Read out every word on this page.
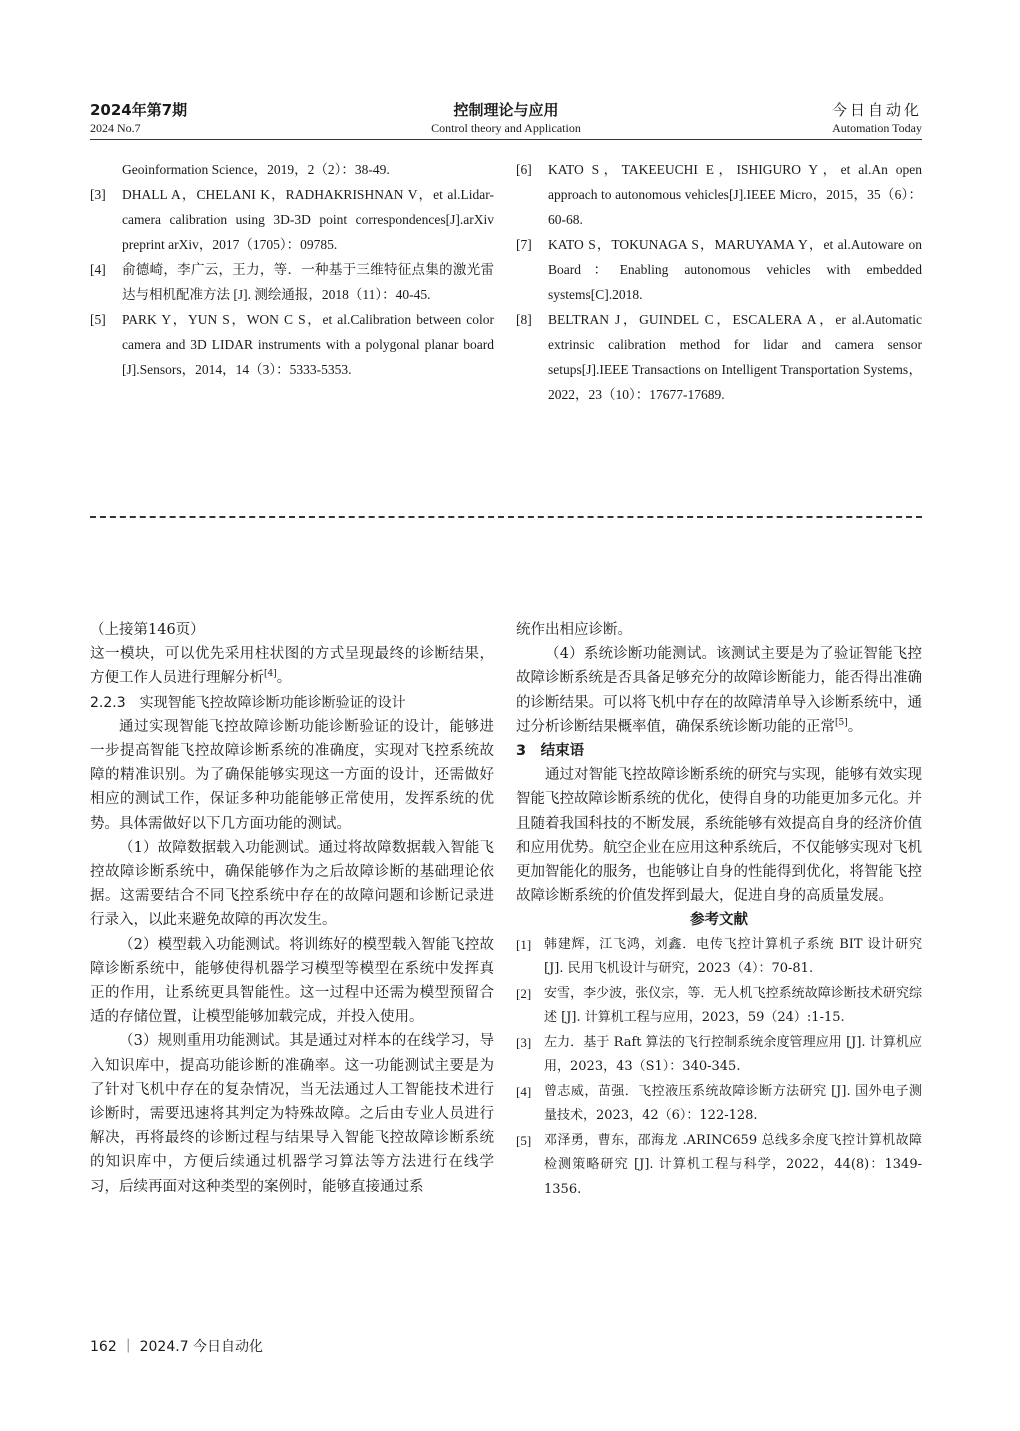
2024年第7期
2024 No.7
控制理论与应用
Control theory and Application
今日自动化
Automation Today
Geoinformation Science，2019，2（2）：38-49.
[3]	DHALL A，CHELANI K，RADHAKRISHNAN V，et al.Lidar-camera calibration using 3D-3D point correspondences[J].arXiv preprint arXiv，2017（1705）：09785.
[4]	俞德崎，李广云，王力，等．一种基于三维特征点集的激光雷达与相机配准方法 [J]. 测绘通报，2018（11）：40-45.
[5]	PARK Y，YUN S，WON C S，et al.Calibration between color camera and 3D LIDAR instruments with a polygonal planar board [J].Sensors，2014，14（3）：5333-5353.
[6]	KATO S，TAKEEUCHI E，ISHIGURO Y，et al.An open approach to autonomous vehicles[J].IEEE Micro，2015，35（6）：60-68.
[7]	KATO S，TOKUNAGA S，MARUYAMA Y，et al.Autoware on Board：Enabling autonomous vehicles with embedded systems[C].2018.
[8]	BELTRAN J，GUINDEL C，ESCALERA A，er al.Automatic extrinsic calibration method for lidar and camera sensor setups[J].IEEE Transactions on Intelligent Transportation Systems，2022，23（10）：17677-17689.

（上接第146页）

这一模块，可以优先采用柱状图的方式呈现最终的诊断结果，方便工作人员进行理解分析[4]。

2.2.3　实现智能飞控故障诊断功能诊断验证的设计

通过实现智能飞控故障诊断功能诊断验证的设计，能够进一步提高智能飞控故障诊断系统的准确度，实现对飞控系统故障的精准识别。为了确保能够实现这一方面的设计，还需做好相应的测试工作，保证多种功能能够正常使用，发挥系统的优势。具体需做好以下几方面功能的测试。

（1）故障数据载入功能测试。通过将故障数据载入智能飞控故障诊断系统中，确保能够作为之后故障诊断的基础理论依据。这需要结合不同飞控系统中存在的故障问题和诊断记录进行录入，以此来避免故障的再次发生。

（2）模型载入功能测试。将训练好的模型载入智能飞控故障诊断系统中，能够使得机器学习模型等模型在系统中发挥真正的作用，让系统更具智能性。这一过程中还需为模型预留合适的存储位置，让模型能够加载完成，并投入使用。

（3）规则重用功能测试。其是通过对样本的在线学习，导入知识库中，提高功能诊断的准确率。这一功能测试主要是为了针对飞机中存在的复杂情况，当无法通过人工智能技术进行诊断时，需要迅速将其判定为特殊故障。之后由专业人员进行解决，再将最终的诊断过程与结果导入智能飞控故障诊断系统的知识库中，方便后续通过机器学习算法等方法进行在线学习，后续再面对这种类型的案例时，能够直接通过系

统作出相应诊断。

（4）系统诊断功能测试。该测试主要是为了验证智能飞控故障诊断系统是否具备足够充分的故障诊断能力，能否得出准确的诊断结果。可以将飞机中存在的故障清单导入诊断系统中，通过分析诊断结果概率值，确保系统诊断功能的正常[5]。

3　结束语

通过对智能飞控故障诊断系统的研究与实现，能够有效实现智能飞控故障诊断系统的优化，使得自身的功能更加多元化。并且随着我国科技的不断发展，系统能够有效提高自身的经济价值和应用优势。航空企业在应用这种系统后，不仅能够实现对飞机更加智能化的服务，也能够让自身的性能得到优化，将智能飞控故障诊断系统的价值发挥到最大，促进自身的高质量发展。

参考文献

[1] 韩建辉，江飞鸿，刘鑫．电传飞控计算机子系统 BIT 设计研究 [J]. 民用飞机设计与研究，2023（4）：70-81.
[2] 安雪，李少波，张仪宗，等．无人机飞控系统故障诊断技术研究综述 [J]. 计算机工程与应用，2023，59（24）:1-15.
[3] 左力．基于 Raft 算法的飞行控制系统余度管理应用 [J]. 计算机应用，2023，43（S1）：340-345.
[4] 曾志威，苗强．飞控液压系统故障诊断方法研究 [J]. 国外电子测量技术，2023，42（6）：122-128.
[5] 邓泽勇，曹东，邵海龙 .ARINC659 总线多余度飞控计算机故障检测策略研究 [J]. 计算机工程与科学，2022，44(8)：1349-1356.
162 ｜ 2024.7 今日自动化
